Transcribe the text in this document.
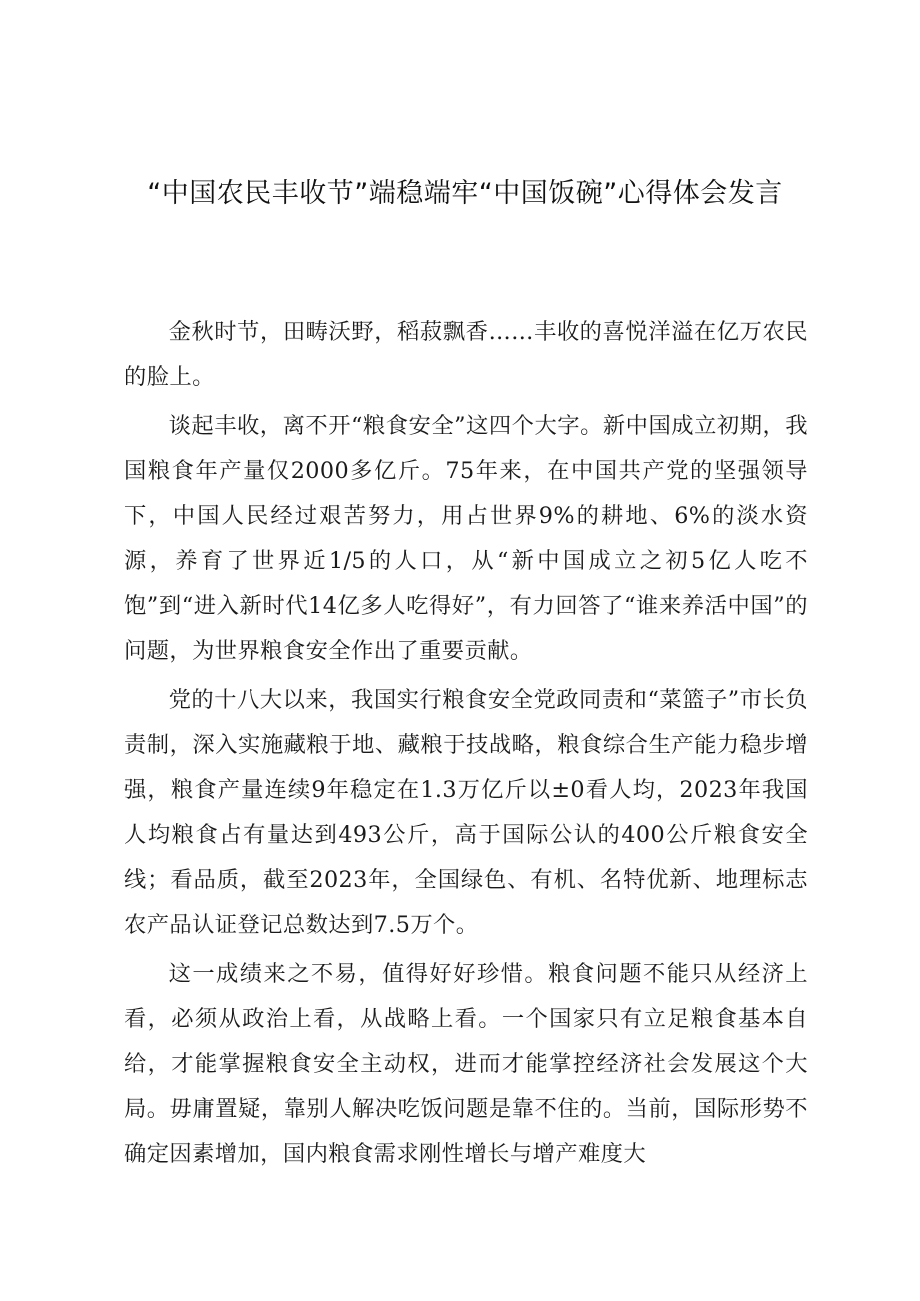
“中国农民丰收节”端稳端牢“中国饭碗”心得体会发言

金秋时节，田畴沃野，稻菽飘香……丰收的喜悦洋溢在亿万农民的脸上。

谈起丰收，离不开“粮食安全”这四个大字。新中国成立初期，我国粮食年产量仅2000多亿斤。75年来，在中国共产党的坚强领导下，中国人民经过艰苦努力，用占世界9%的耕地、6%的淡水资源，养育了世界近1/5的人口，从“新中国成立之初5亿人吃不饱”到“进入新时代14亿多人吃得好”，有力回答了“谁来养活中国”的问题，为世界粮食安全作出了重要贡献。

党的十八大以来，我国实行粮食安全党政同责和“菜篮子”市长负责制，深入实施藏粮于地、藏粮于技战略，粮食综合生产能力稳步增强，粮食产量连续9年稳定在1.3万亿斤以±0看人均，2023年我国人均粮食占有量达到493公斤，高于国际公认的400公斤粮食安全线；看品质，截至2023年，全国绿色、有机、名特优新、地理标志农产品认证登记总数达到7.5万个。

这一成绩来之不易，值得好好珍惜。粮食问题不能只从经济上看，必须从政治上看，从战略上看。一个国家只有立足粮食基本自给，才能掌握粮食安全主动权，进而才能掌控经济社会发展这个大局。毋庸置疑，靠别人解决吃饭问题是靠不住的。当前，国际形势不确定因素增加，国内粮食需求刚性增长与增产难度大
